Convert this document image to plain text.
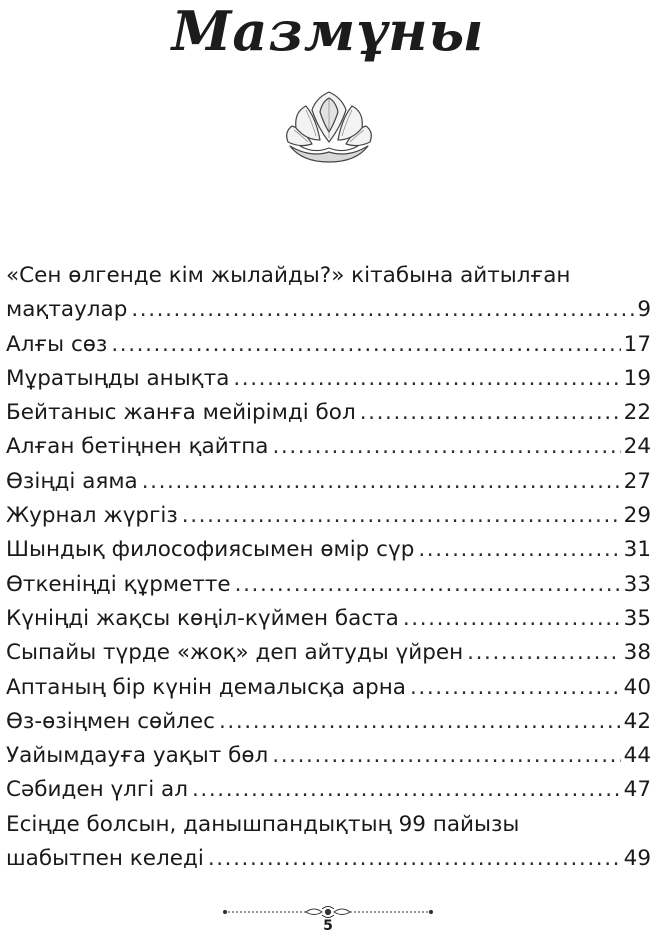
Мазмұны
«Сен өлгенде кім жылайды?» кітабына айтылған
мақтаулар .....	9
Алғы сөз .....	17
Мұратыңды анықта .....	19
Бейтаныс жанға мейірімді бол .....	22
Алған бетіңнен қайтпа .....	24
Өзіңді аяма .....	27
Журнал жүргіз .....	29
Шындық философиясымен өмір сүр .....	31
Өткеніңді құрметте .....	33
Күніңді жақсы көңіл-күймен баста .....	35
Сыпайы түрде «жоқ» деп айтуды үйрен .....	38
Аптаның бір күнін демалысқа арна .....	40
Өз-өзіңмен сөйлес .....	42
Уайымдауға уақыт бөл .....	44
Сәбиден үлгі ал .....	47
Есіңде болсын, данышпандықтың 99 пайызы
шабытпен келеді .....	49
5
